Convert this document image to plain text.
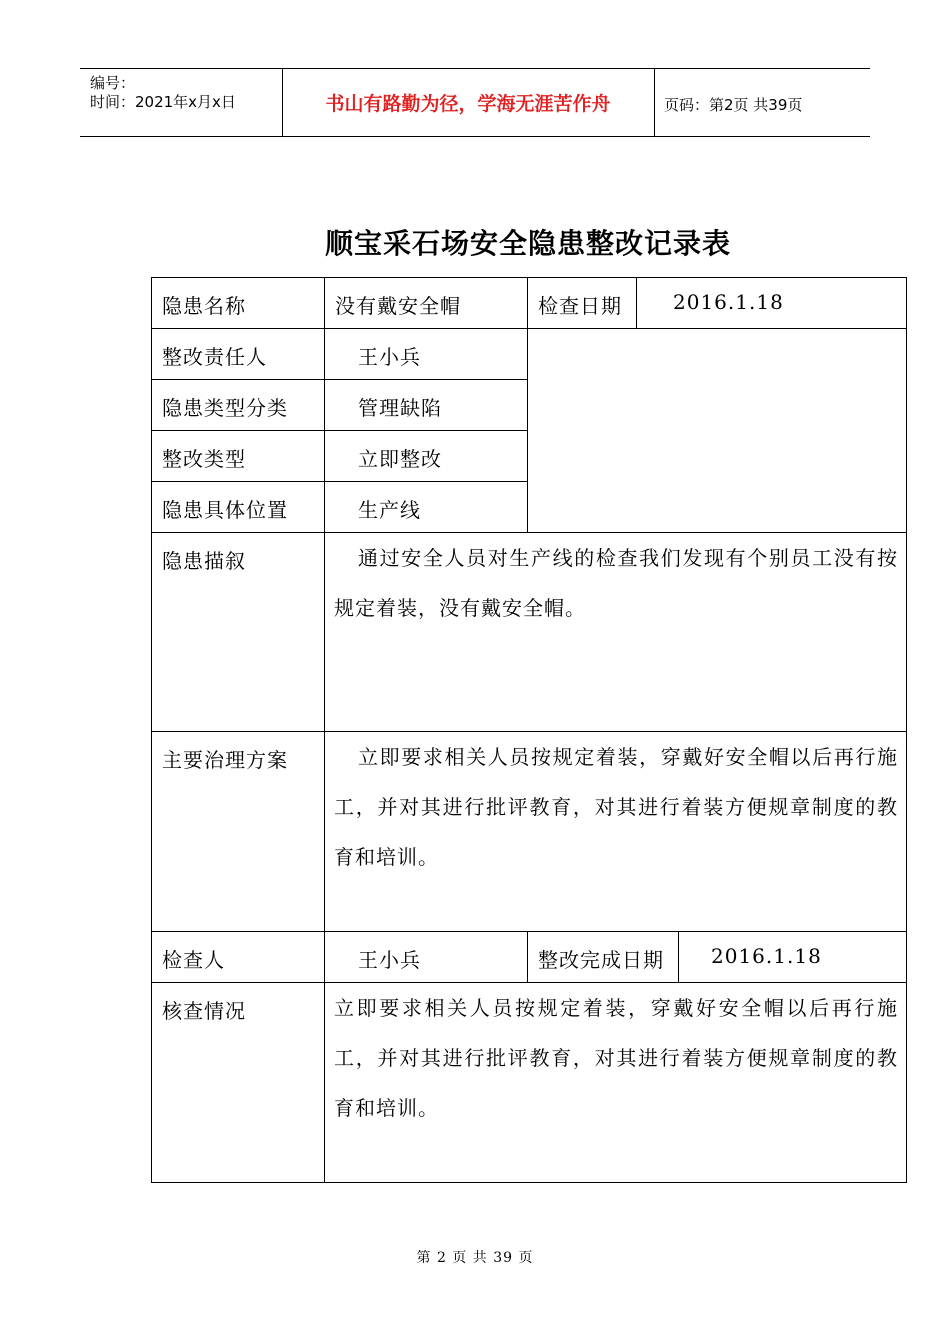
编号：
时间：2021年x月x日	书山有路勤为径，学海无涯苦作舟	页码：第2页 共39页
顺宝采石场安全隐患整改记录表
隐患名称	没有戴安全帽	检查日期	2016.1.18	

整改责任人	王小兵			

隐患类型分类	管理缺陷			

整改类型	立即整改			

隐患具体位置	生产线			

隐患描叙	通过安全人员对生产线的检查我们发现有个别员工没有按规定着装，没有戴安全帽。			

主要治理方案	立即要求相关人员按规定着装，穿戴好安全帽以后再行施工，并对其进行批评教育，对其进行着装方便规章制度的教育和培训。			

检查人	王小兵	整改完成日期		2016.1.18

核查情况	立即要求相关人员按规定着装，穿戴好安全帽以后再行施工，并对其进行批评教育，对其进行着装方便规章制度的教育和培训。			
第 2 页 共 39 页
